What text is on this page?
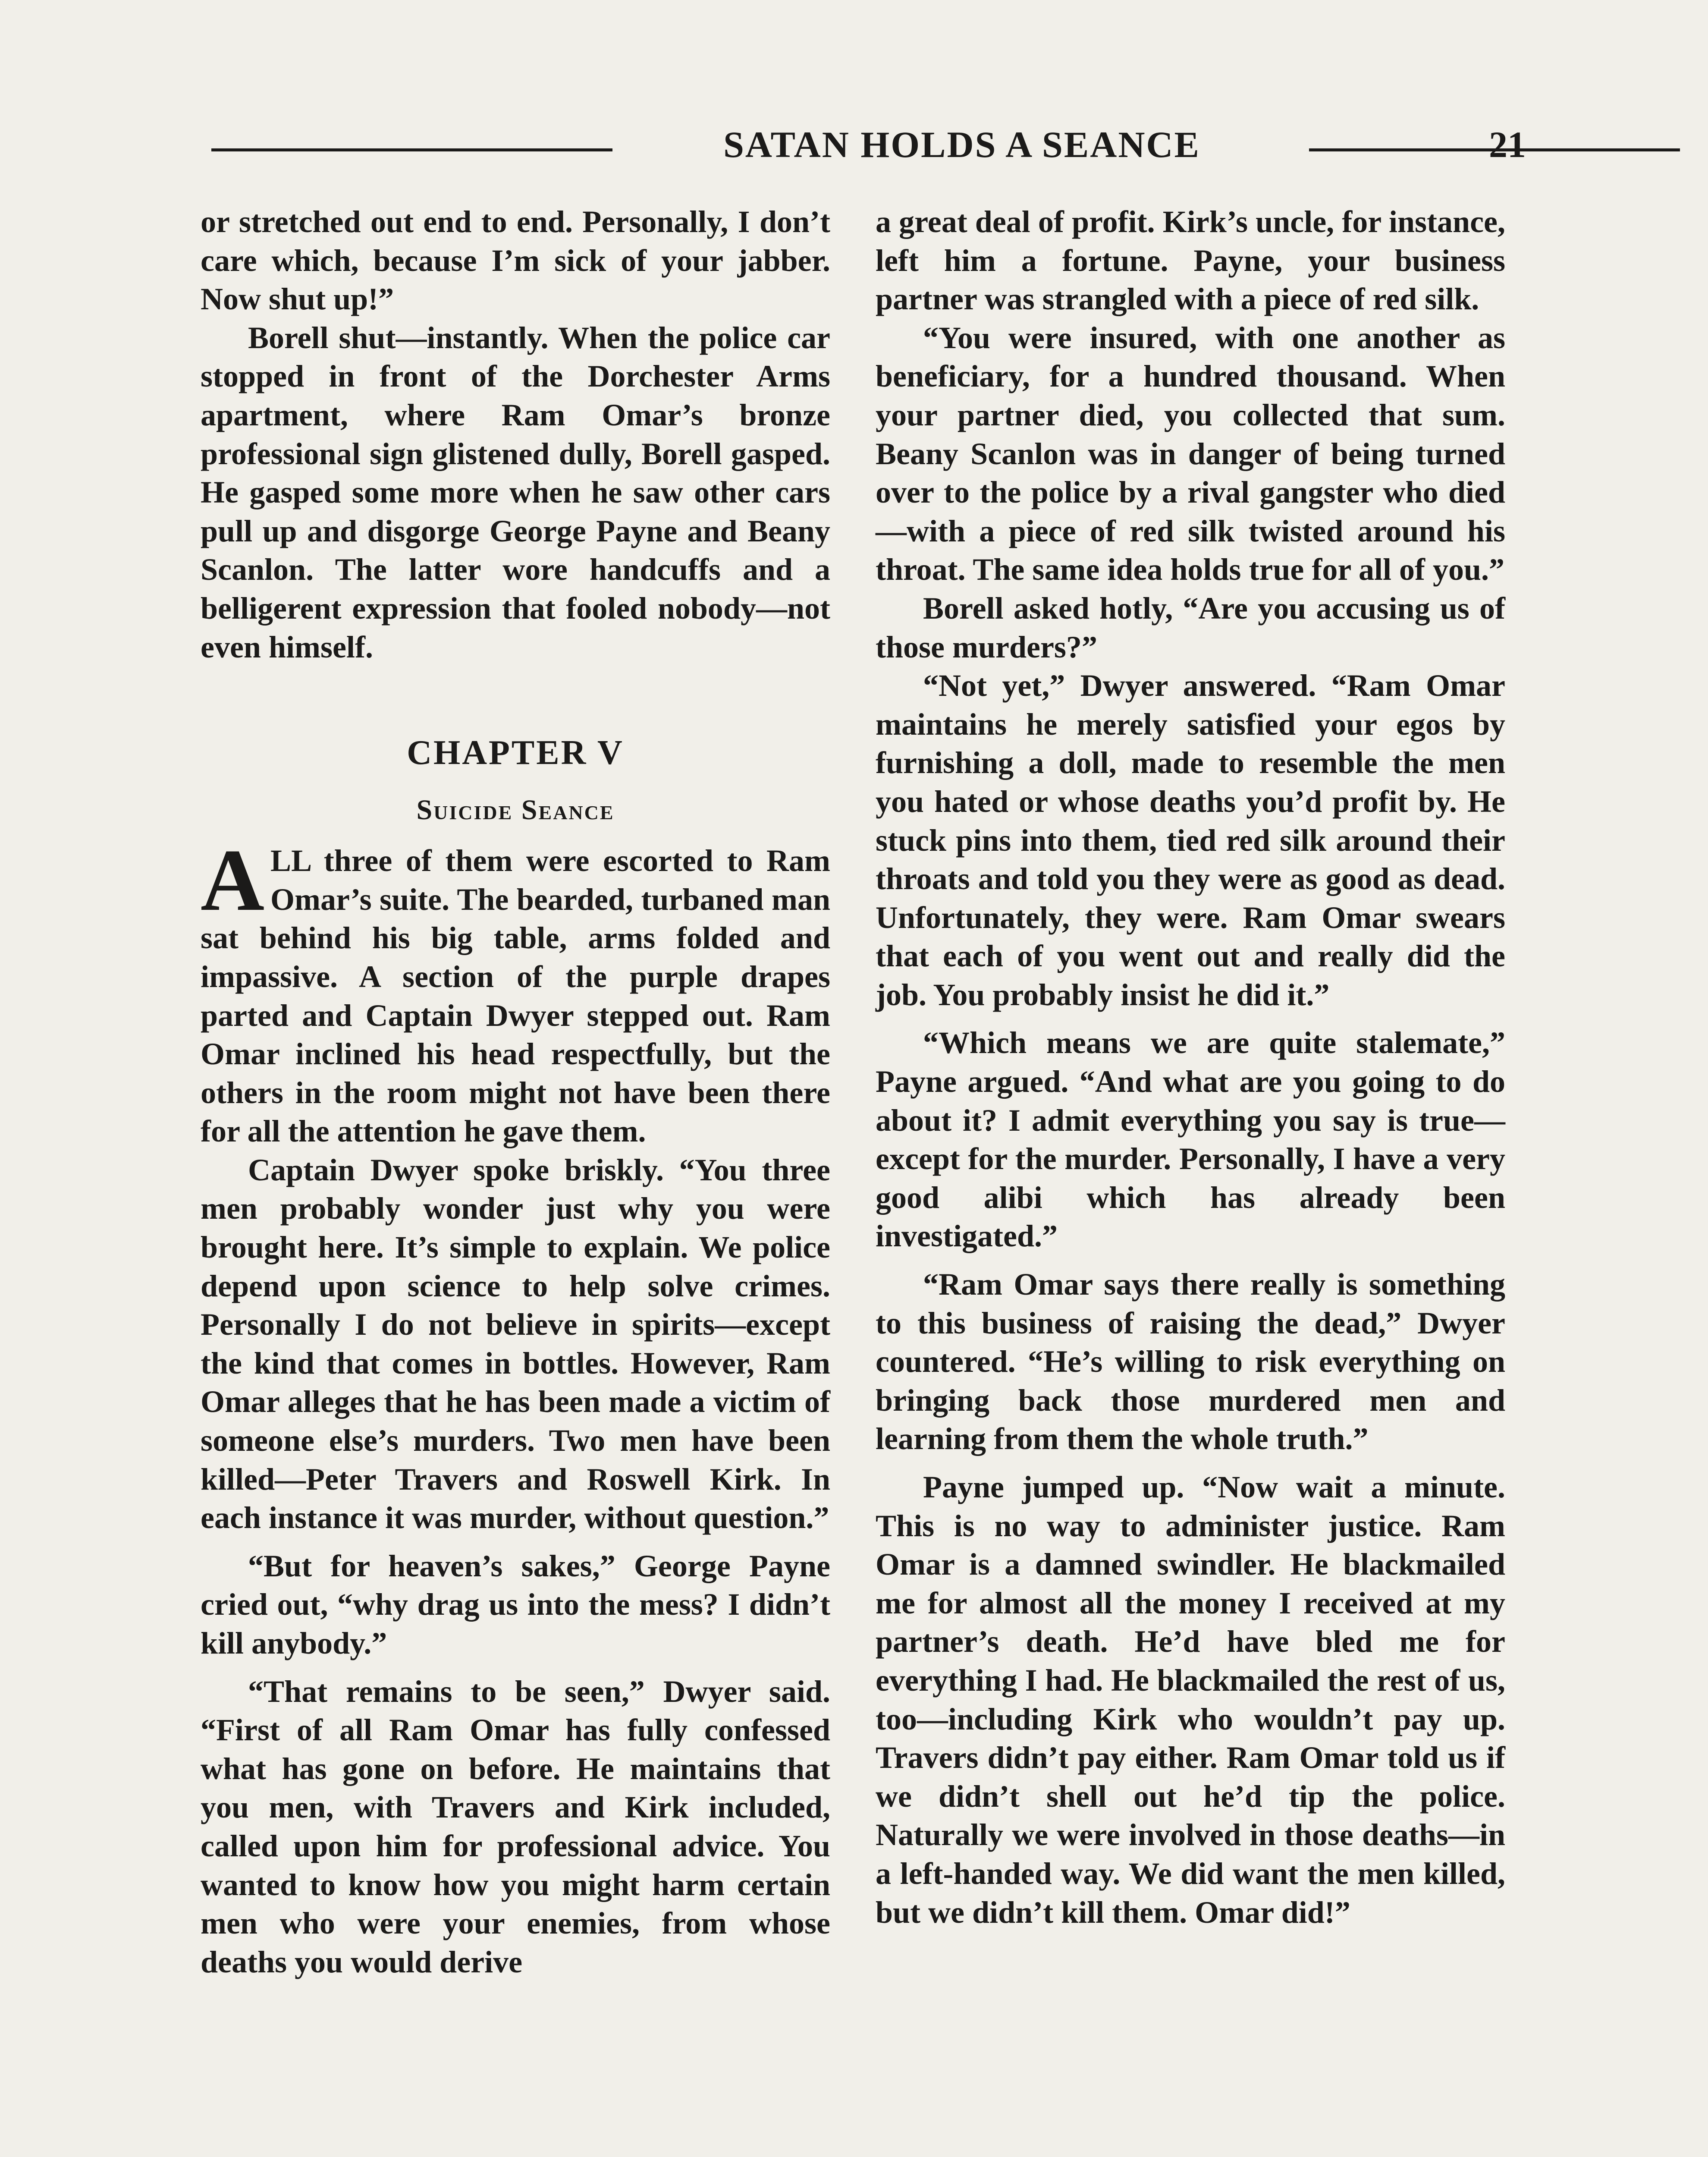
SATAN HOLDS A SEANCE	21

or stretched out end to end. Personally, I don’t care which, because I’m sick of your jabber. Now shut up!”

Borell shut—instantly. When the police car stopped in front of the Dorchester Arms apartment, where Ram Omar’s bronze professional sign glistened dully, Borell gasped. He gasped some more when he saw other cars pull up and disgorge George Payne and Beany Scanlon. The latter wore handcuffs and a belligerent expression that fooled nobody—not even himself.

CHAPTER V
Suicide Seance

ALL three of them were escorted to Ram Omar’s suite. The bearded, turbaned man sat behind his big table, arms folded and impassive. A section of the purple drapes parted and Captain Dwyer stepped out. Ram Omar inclined his head respectfully, but the others in the room might not have been there for all the attention he gave them.

Captain Dwyer spoke briskly. “You three men probably wonder just why you were brought here. It’s simple to explain. We police depend upon science to help solve crimes. Personally I do not believe in spirits—except the kind that comes in bottles. However, Ram Omar alleges that he has been made a victim of someone else’s murders. Two men have been killed—Peter Travers and Roswell Kirk. In each instance it was murder, without question.”

“But for heaven’s sakes,” George Payne cried out, “why drag us into the mess? I didn’t kill anybody.”

“That remains to be seen,” Dwyer said. “First of all Ram Omar has fully confessed what has gone on before. He maintains that you men, with Travers and Kirk included, called upon him for professional advice. You wanted to know how you might harm certain men who were your enemies, from whose deaths you would derive

a great deal of profit. Kirk’s uncle, for instance, left him a fortune. Payne, your business partner was strangled with a piece of red silk.

“You were insured, with one another as beneficiary, for a hundred thousand. When your partner died, you collected that sum. Beany Scanlon was in danger of being turned over to the police by a rival gangster who died—with a piece of red silk twisted around his throat. The same idea holds true for all of you.”

Borell asked hotly, “Are you accusing us of those murders?”

“Not yet,” Dwyer answered. “Ram Omar maintains he merely satisfied your egos by furnishing a doll, made to resemble the men you hated or whose deaths you’d profit by. He stuck pins into them, tied red silk around their throats and told you they were as good as dead. Unfortunately, they were. Ram Omar swears that each of you went out and really did the job. You probably insist he did it.”

“Which means we are quite stalemate,” Payne argued. “And what are you going to do about it? I admit everything you say is true—except for the murder. Personally, I have a very good alibi which has already been investigated.”

“Ram Omar says there really is something to this business of raising the dead,” Dwyer countered. “He’s willing to risk everything on bringing back those murdered men and learning from them the whole truth.”

Payne jumped up. “Now wait a minute. This is no way to administer justice. Ram Omar is a damned swindler. He blackmailed me for almost all the money I received at my partner’s death. He’d have bled me for everything I had. He blackmailed the rest of us, too—including Kirk who wouldn’t pay up. Travers didn’t pay either. Ram Omar told us if we didn’t shell out he’d tip the police. Naturally we were involved in those deaths—in a left-handed way. We did want the men killed, but we didn’t kill them. Omar did!”
